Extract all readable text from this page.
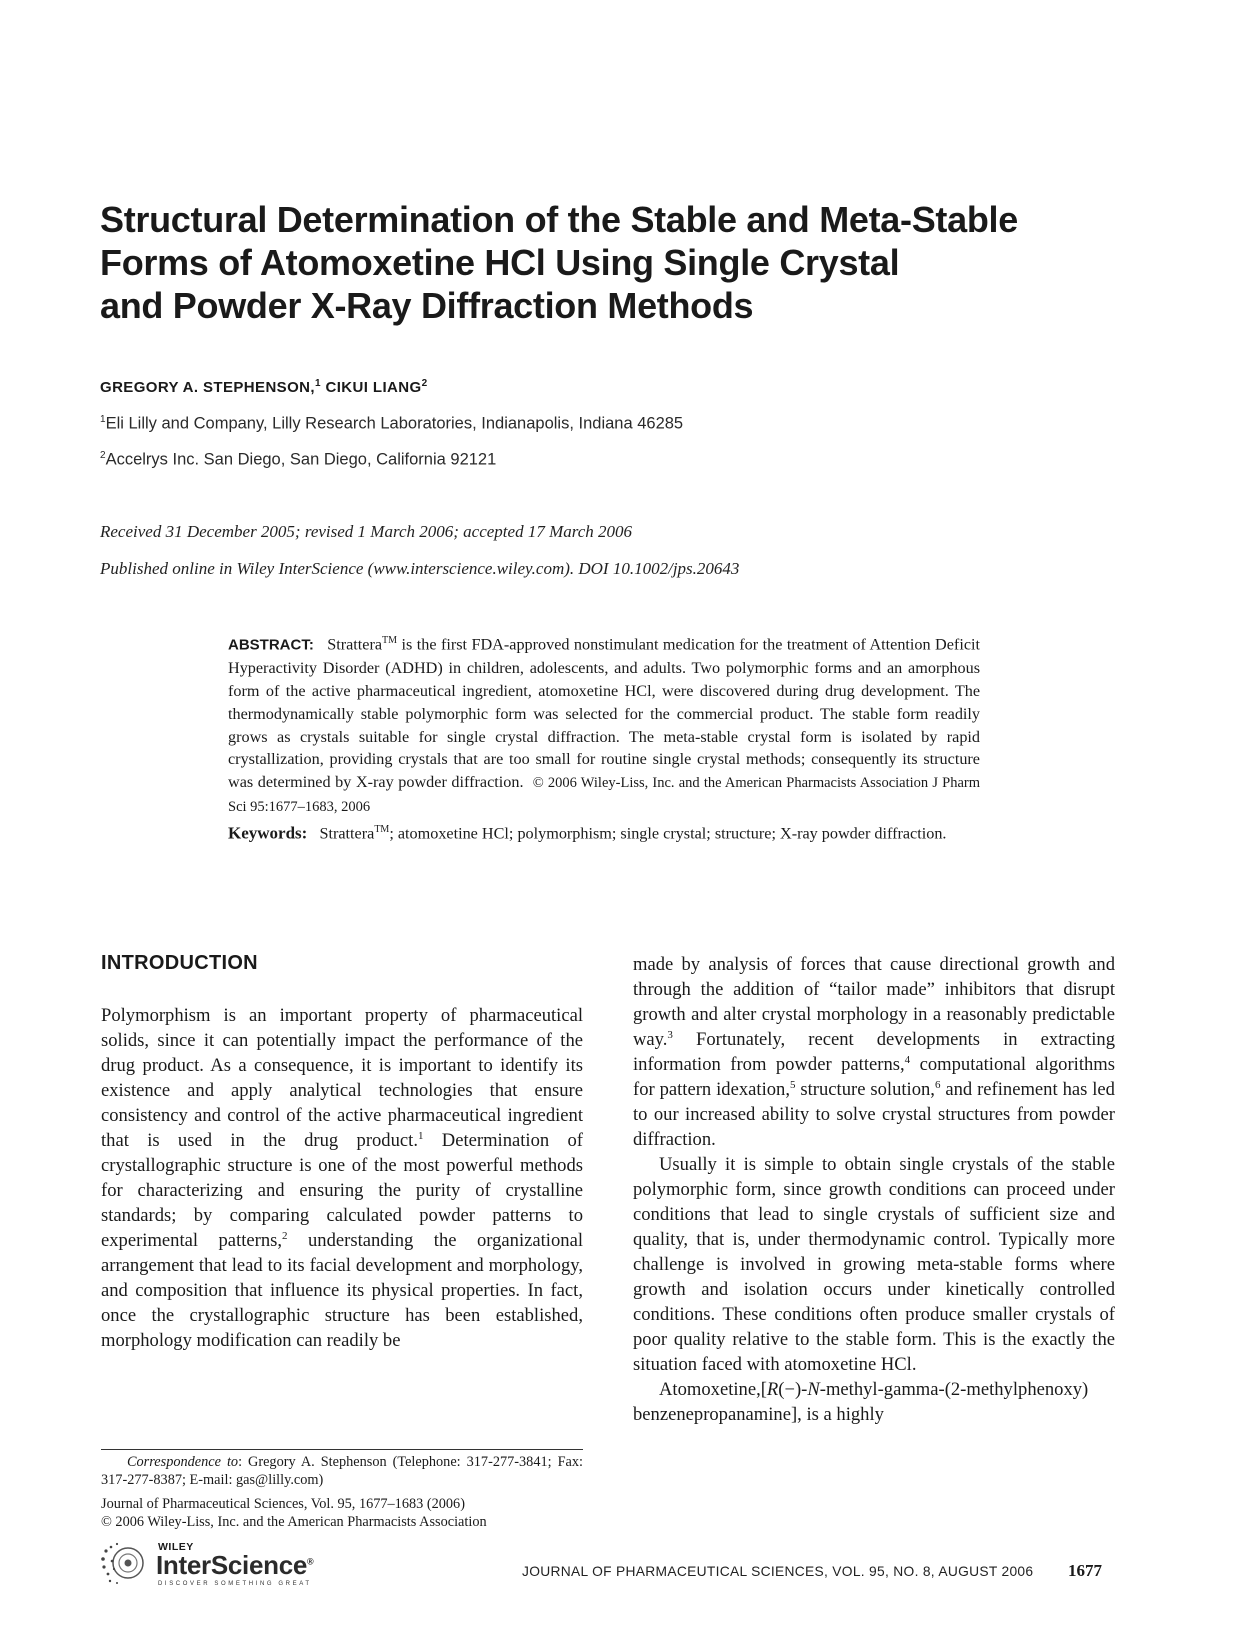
Structural Determination of the Stable and Meta-Stable
Forms of Atomoxetine HCl Using Single Crystal
and Powder X-Ray Diffraction Methods
GREGORY A. STEPHENSON,$^1$ CIKUI LIANG$^2$
$^1$Eli Lilly and Company, Lilly Research Laboratories, Indianapolis, Indiana 46285
$^2$Accelrys Inc. San Diego, San Diego, California 92121
Received 31 December 2005; revised 1 March 2006; accepted 17 March 2006
Published online in Wiley InterScience (www.interscience.wiley.com). DOI 10.1002/jps.20643
ABSTRACT: Strattera™ is the first FDA-approved nonstimulant medication for the treatment of Attention Deficit Hyperactivity Disorder (ADHD) in children, adolescents, and adults. Two polymorphic forms and an amorphous form of the active pharmaceutical ingredient, atomoxetine HCl, were discovered during drug development. The thermodynamically stable polymorphic form was selected for the commercial product. The stable form readily grows as crystals suitable for single crystal diffraction. The meta-stable crystal form is isolated by rapid crystallization, providing crystals that are too small for routine single crystal methods; consequently its structure was determined by X-ray powder diffraction. © 2006 Wiley-Liss, Inc. and the American Pharmacists Association J Pharm Sci 95:1677–1683, 2006
Keywords: Strattera™; atomoxetine HCl; polymorphism; single crystal; structure; X-ray powder diffraction.
INTRODUCTION

Polymorphism is an important property of pharmaceutical solids, since it can potentially impact the performance of the drug product. As a consequence, it is important to identify its existence and apply analytical technologies that ensure consistency and control of the active pharmaceutical ingredient that is used in the drug product.$^1$ Determination of crystallographic structure is one of the most powerful methods for characterizing and ensuring the purity of crystalline standards; by comparing calculated powder patterns to experimental patterns,$^2$ understanding the organizational arrangement that lead to its facial development and morphology, and composition that influence its physical properties. In fact, once the crystallographic structure has been established, morphology modification can readily be

made by analysis of forces that cause directional growth and through the addition of “tailor made” inhibitors that disrupt growth and alter crystal morphology in a reasonably predictable way.$^3$ Fortunately, recent developments in extracting information from powder patterns,$^4$ computational algorithms for pattern idexation,$^5$ structure solution,$^6$ and refinement has led to our increased ability to solve crystal structures from powder diffraction.

Usually it is simple to obtain single crystals of the stable polymorphic form, since growth conditions can proceed under conditions that lead to single crystals of sufficient size and quality, that is, under thermodynamic control. Typically more challenge is involved in growing meta-stable forms where growth and isolation occurs under kinetically controlled conditions. These conditions often produce smaller crystals of poor quality relative to the stable form. This is the exactly the situation faced with atomoxetine HCl.

Atomoxetine,[R(−)-N-methyl-gamma-(2-methylphenoxy) benzenepropanamine], is a highly

Correspondence to: Gregory A. Stephenson (Telephone: 317-277-3841; Fax: 317-277-8387; E-mail: gas@lilly.com)
Journal of Pharmaceutical Sciences, Vol. 95, 1677–1683 (2006)
© 2006 Wiley-Liss, Inc. and the American Pharmacists Association
WILEY
InterScience®
DISCOVER SOMETHING GREAT
JOURNAL OF PHARMACEUTICAL SCIENCES, VOL. 95, NO. 8, AUGUST 2006 1677
